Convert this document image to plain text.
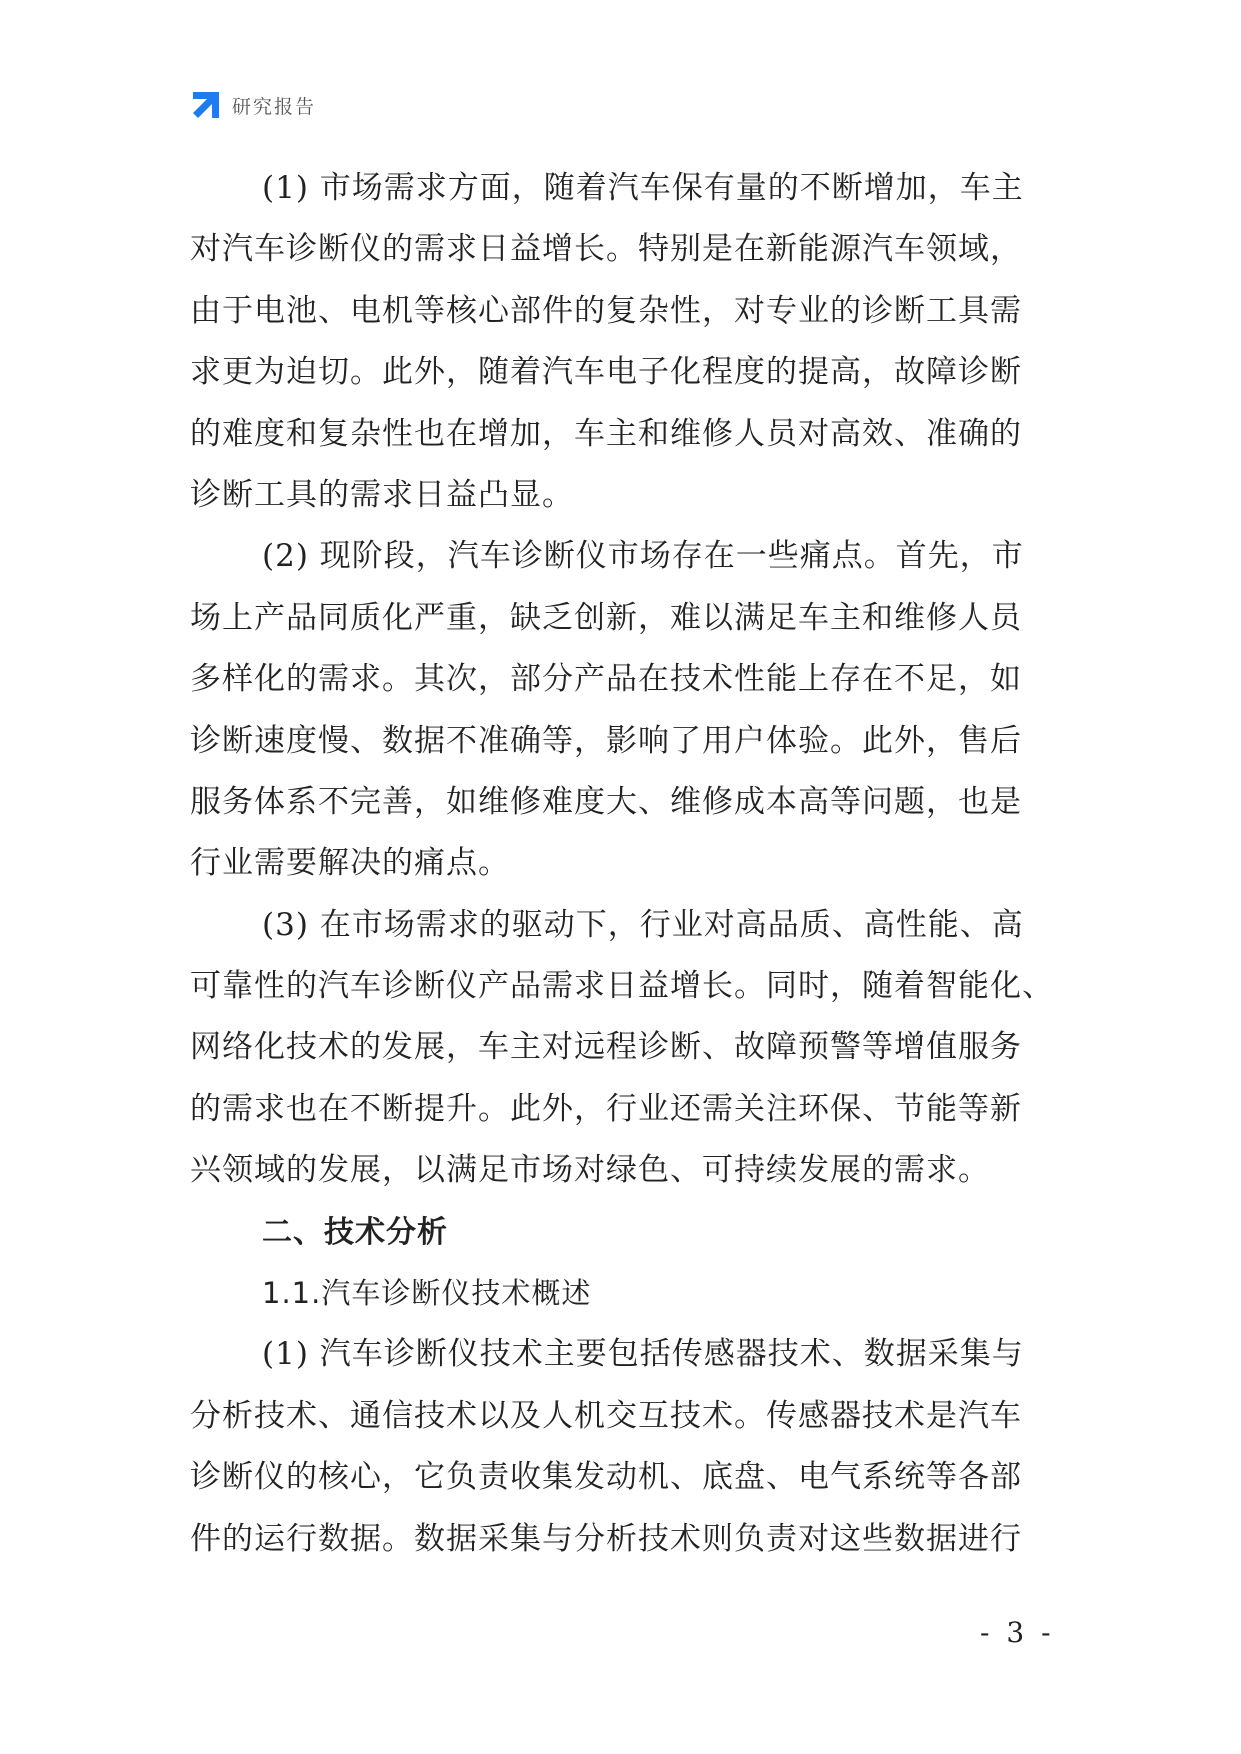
研究报告
(1) 市场需求方面，随着汽车保有量的不断增加，车主
对汽车诊断仪的需求日益增长。特别是在新能源汽车领域，
由于电池、电机等核心部件的复杂性，对专业的诊断工具需
求更为迫切。此外，随着汽车电子化程度的提高，故障诊断
的难度和复杂性也在增加，车主和维修人员对高效、准确的
诊断工具的需求日益凸显。
(2) 现阶段，汽车诊断仪市场存在一些痛点。首先，市
场上产品同质化严重，缺乏创新，难以满足车主和维修人员
多样化的需求。其次，部分产品在技术性能上存在不足，如
诊断速度慢、数据不准确等，影响了用户体验。此外，售后
服务体系不完善，如维修难度大、维修成本高等问题，也是
行业需要解决的痛点。
(3) 在市场需求的驱动下，行业对高品质、高性能、高
可靠性的汽车诊断仪产品需求日益增长。同时，随着智能化、
网络化技术的发展，车主对远程诊断、故障预警等增值服务
的需求也在不断提升。此外，行业还需关注环保、节能等新
兴领域的发展，以满足市场对绿色、可持续发展的需求。
二、技术分析
1.1.汽车诊断仪技术概述
(1) 汽车诊断仪技术主要包括传感器技术、数据采集与
分析技术、通信技术以及人机交互技术。传感器技术是汽车
诊断仪的核心，它负责收集发动机、底盘、电气系统等各部
件的运行数据。数据采集与分析技术则负责对这些数据进行
- 3 -
